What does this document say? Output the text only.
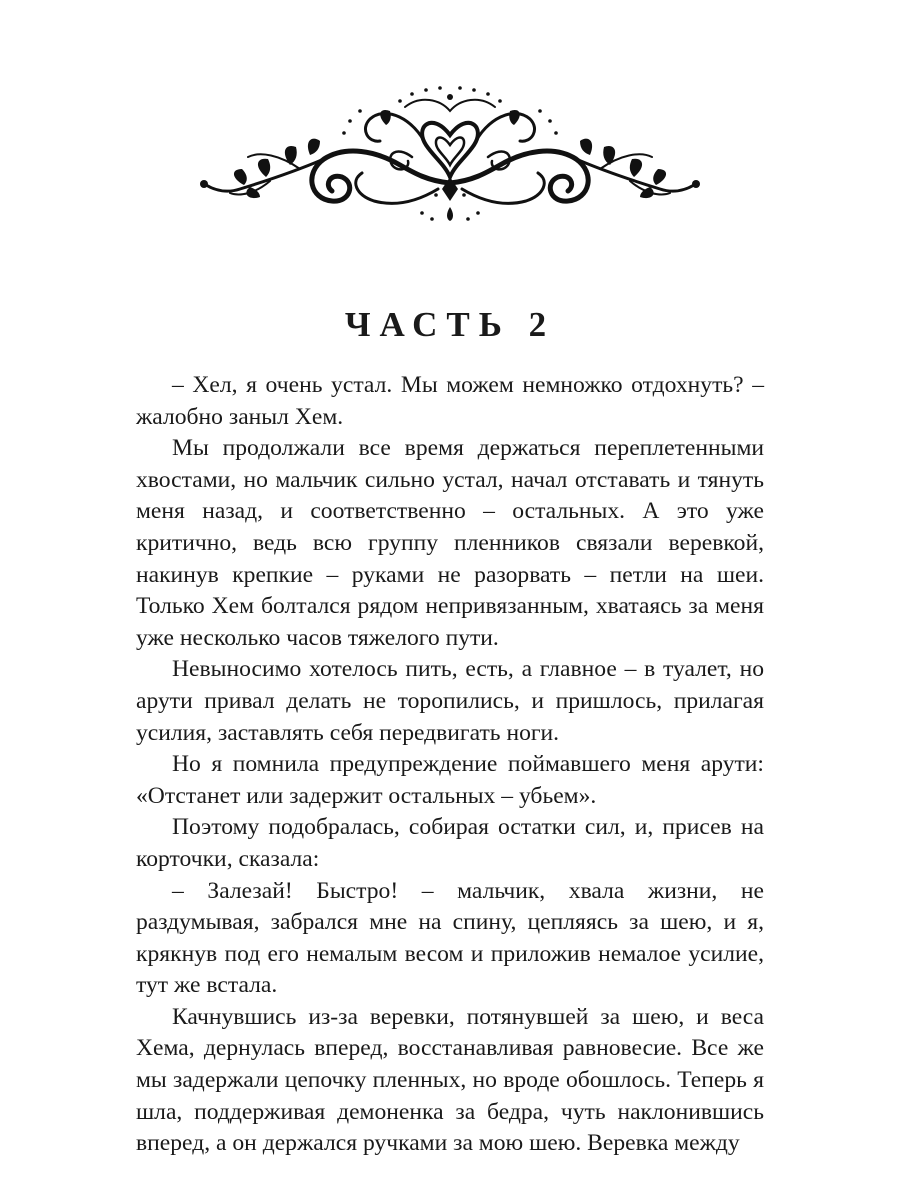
ЧАСТЬ 2

– Хел, я очень устал. Мы можем немножко отдохнуть? – жалобно заныл Хем.

Мы продолжали все время держаться переплетенными хвостами, но мальчик сильно устал, начал отставать и тянуть меня назад, и соответственно – остальных. А это уже критично, ведь всю группу пленников связали веревкой, накинув крепкие – руками не разорвать – петли на шеи. Только Хем болтался рядом непривязанным, хватаясь за меня уже несколько часов тяжелого пути.

Невыносимо хотелось пить, есть, а главное – в туалет, но арути привал делать не торопились, и пришлось, прилагая усилия, заставлять себя передвигать ноги.

Но я помнила предупреждение поймавшего меня арути: «Отстанет или задержит остальных – убьем».

Поэтому подобралась, собирая остатки сил, и, присев на корточки, сказала:

– Залезай! Быстро! – мальчик, хвала жизни, не раздумывая, забрался мне на спину, цепляясь за шею, и я, крякнув под его немалым весом и приложив немалое усилие, тут же встала.

Качнувшись из-за веревки, потянувшей за шею, и веса Хема, дернулась вперед, восстанавливая равновесие. Все же мы задержали цепочку пленных, но вроде обошлось. Теперь я шла, поддерживая демоненка за бедра, чуть наклонившись вперед, а он держался ручками за мою шею. Веревка между
